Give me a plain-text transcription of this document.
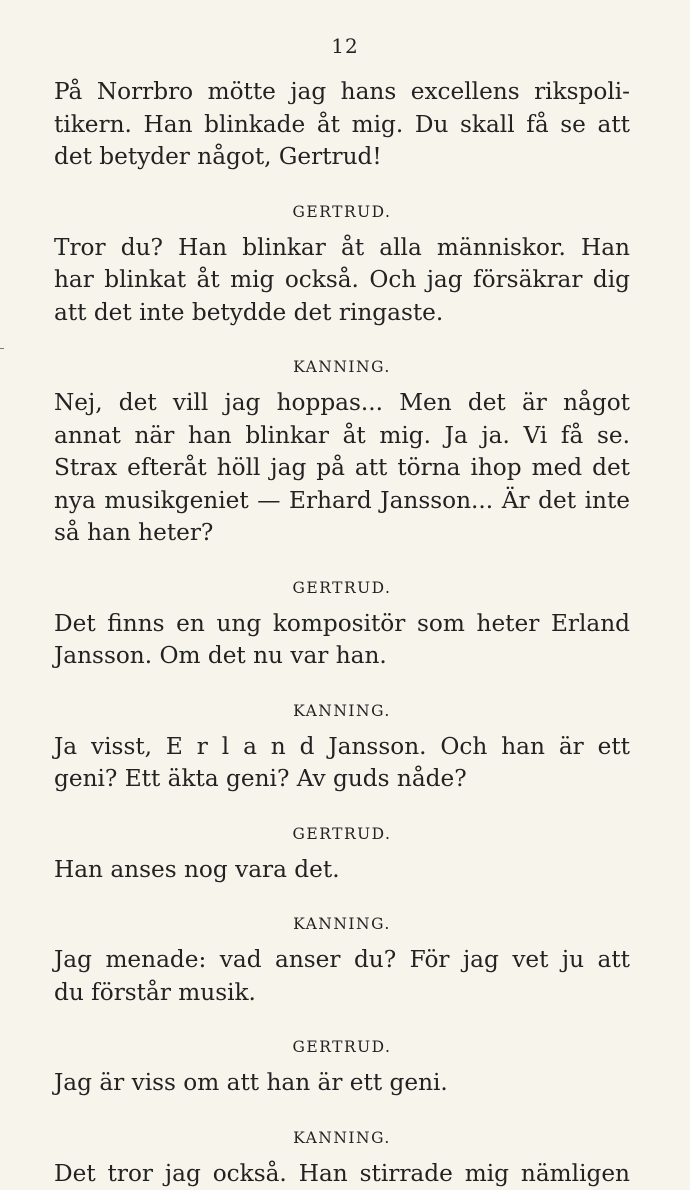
12

På Norrbro mötte jag hans excellens rikspoli-
tikern. Han blinkade åt mig. Du skall få se att
det betyder något, Gertrud!

GERTRUD.

Tror du? Han blinkar åt alla människor. Han
har blinkat åt mig också. Och jag försäkrar dig
att det inte betydde det ringaste.

KANNING.

Nej, det vill jag hoppas... Men det är något
annat när han blinkar åt mig. Ja ja. Vi få se.
Strax efteråt höll jag på att törna ihop med det
nya musikgeniet — Erhard Jansson... Är det inte
så han heter?

GERTRUD.

Det finns en ung kompositör som heter Erland
Jansson. Om det nu var han.

KANNING.

Ja visst, E r l a n d Jansson. Och han är ett
geni? Ett äkta geni? Av guds nåde?

GERTRUD.

Han anses nog vara det.

KANNING.

Jag menade: vad anser du? För jag vet ju att
du förstår musik.

GERTRUD.

Jag är viss om att han är ett geni.

KANNING.

Det tror jag också. Han stirrade mig nämligen
